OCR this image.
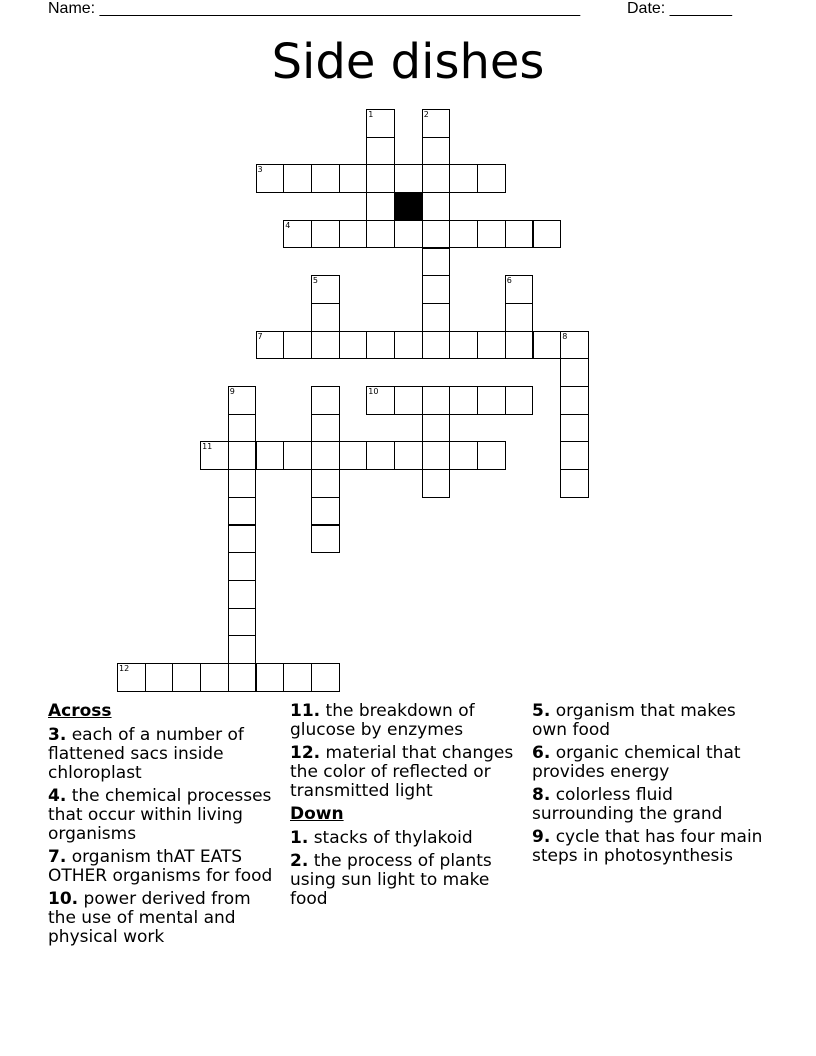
Name: ______________________________________________________	Date: _______
Side dishes
1	2
3
4
5	6
7	8
9	10
11
12
Across
3. each of a number of flattened sacs inside chloroplast
4. the chemical processes that occur within living organisms
7. organism thAT EATS OTHER organisms for food
10. power derived from the use of mental and physical work
11. the breakdown of glucose by enzymes
12. material that changes the color of reflected or transmitted light
Down
1. stacks of thylakoid
2. the process of plants using sun light to make food
5. organism that makes own food
6. organic chemical that provides energy
8. colorless fluid surrounding the grand
9. cycle that has four main steps in photosynthesis
